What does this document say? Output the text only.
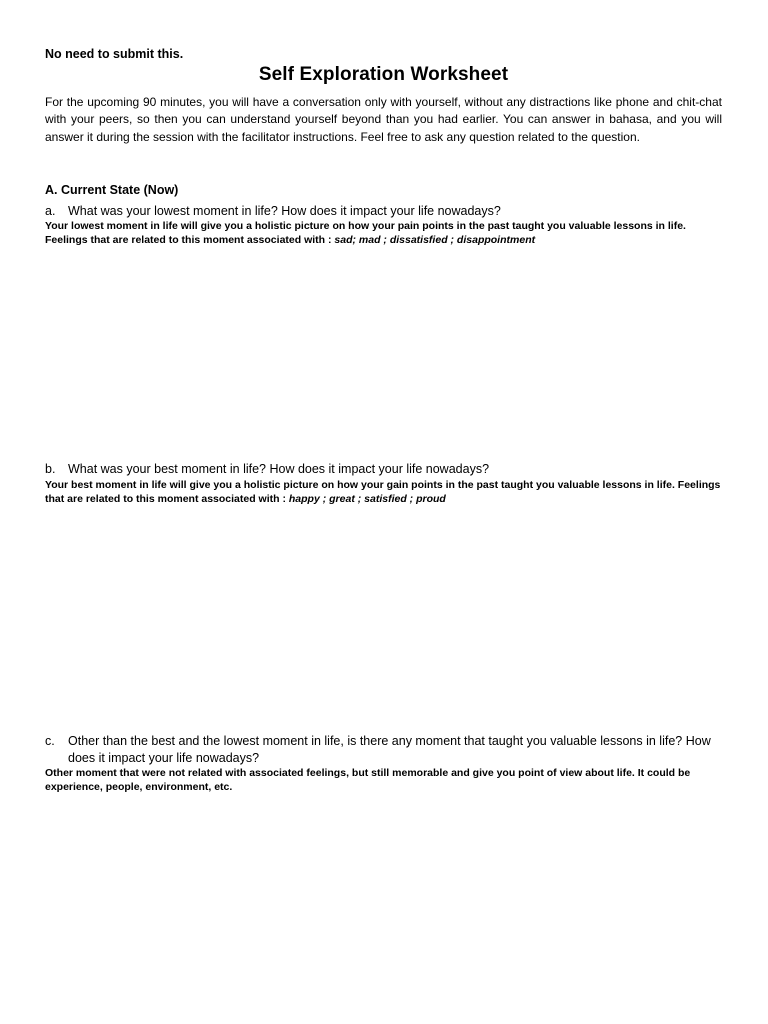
No need to submit this.

Self Exploration Worksheet

For the upcoming 90 minutes, you will have a conversation only with yourself, without any distractions like phone and chit-chat with your peers, so then you can understand yourself beyond than you had earlier. You can answer in bahasa, and you will answer it during the session with the facilitator instructions. Feel free to ask any question related to the question.

A. Current State (Now)

a.	What was your lowest moment in life? How does it impact your life nowadays?

Your lowest moment in life will give you a holistic picture on how your pain points in the past taught you valuable lessons in life. Feelings that are related to this moment associated with : sad; mad ; dissatisfied ; disappointment

b.	What was your best moment in life? How does it impact your life nowadays?

Your best moment in life will give you a holistic picture on how your gain points in the past taught you valuable lessons in life. Feelings that are related to this moment associated with : happy ; great ; satisfied ; proud

c.	Other than the best and the lowest moment in life, is there any moment that taught you valuable lessons in life? How does it impact your life nowadays?

Other moment that were not related with associated feelings, but still memorable and give you point of view about life. It could be experience, people, environment, etc.
